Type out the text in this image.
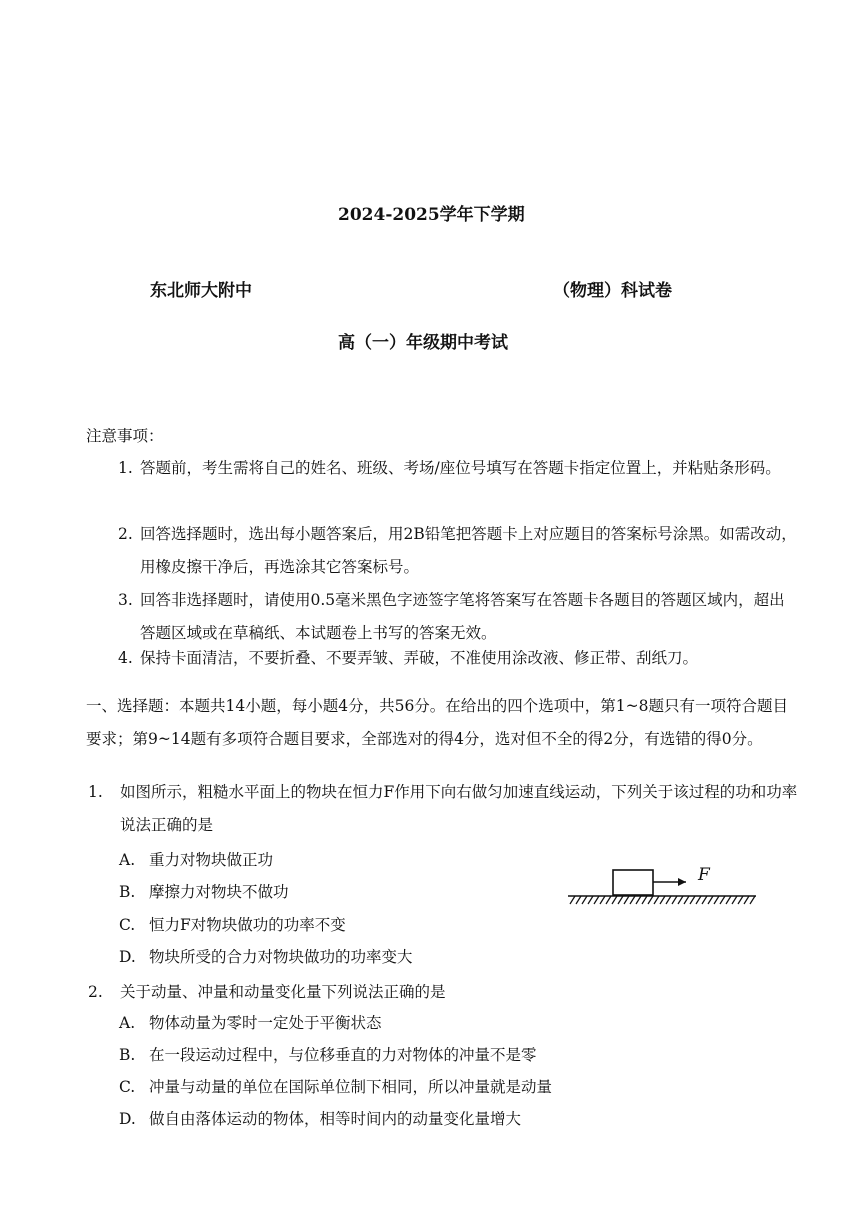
2024-2025学年下学期
东北师大附中	（物理）科试卷
高（一）年级期中考试
注意事项：
1. 答题前，考生需将自己的姓名、班级、考场/座位号填写在答题卡指定位置上，并粘贴条形码。
2. 回答选择题时，选出每小题答案后，用2B铅笔把答题卡上对应题目的答案标号涂黑。如需改动，用橡皮擦干净后，再选涂其它答案标号。
3. 回答非选择题时，请使用0.5毫米黑色字迹签字笔将答案写在答题卡各题目的答题区域内，超出答题区域或在草稿纸、本试题卷上书写的答案无效。
4. 保持卡面清洁，不要折叠、不要弄皱、弄破，不准使用涂改液、修正带、刮纸刀。
一、选择题：本题共14小题，每小题4分，共56分。在给出的四个选项中，第1~8题只有一项符合题目要求；第9~14题有多项符合题目要求，全部选对的得4分，选对但不全的得2分，有选错的得0分。
1.	如图所示，粗糙水平面上的物块在恒力F作用下向右做匀加速直线运动，下列关于该过程的功和功率说法正确的是
A. 重力对物块做正功
B. 摩擦力对物块不做功
C. 恒力F对物块做功的功率不变
D. 物块所受的合力对物块做功的功率变大
F
2.	关于动量、冲量和动量变化量下列说法正确的是
A. 物体动量为零时一定处于平衡状态
B. 在一段运动过程中，与位移垂直的力对物体的冲量不是零
C. 冲量与动量的单位在国际单位制下相同，所以冲量就是动量
D. 做自由落体运动的物体，相等时间内的动量变化量增大
